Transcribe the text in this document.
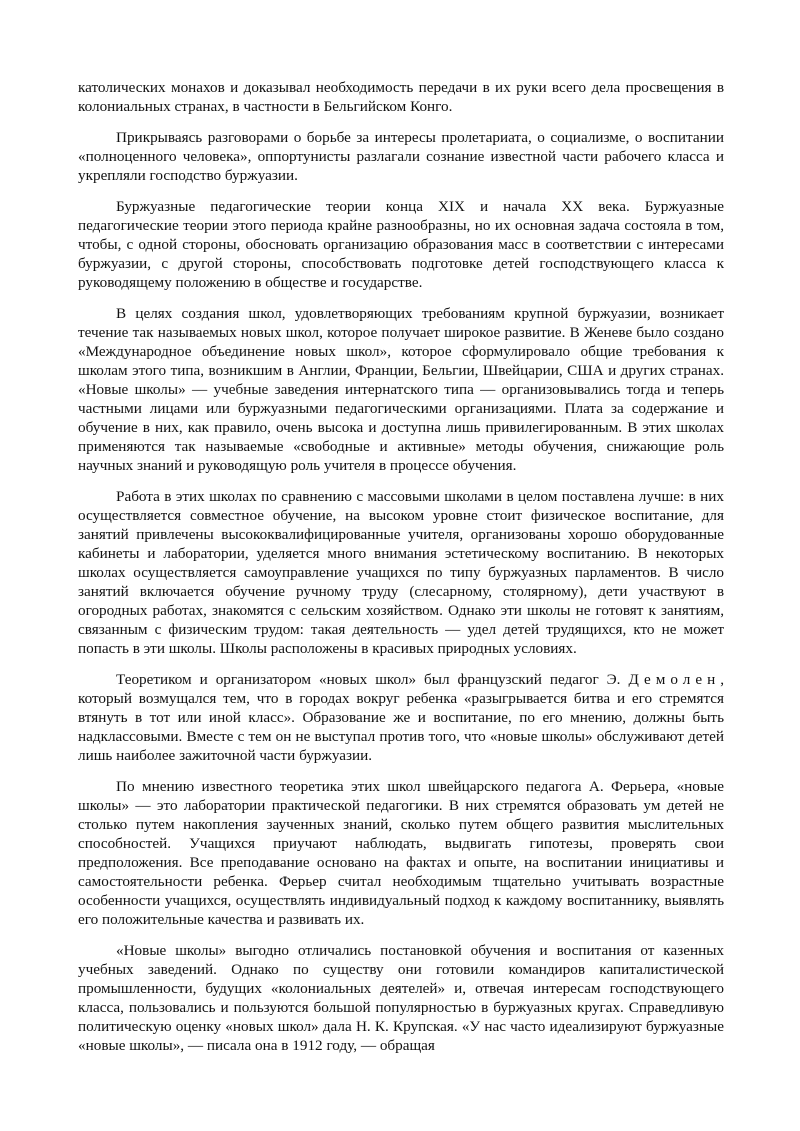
католических монахов и доказывал необходимость передачи в их руки всего дела просвещения в колониальных странах, в частности в Бельгийском Конго.

Прикрываясь разговорами о борьбе за интересы пролетариата, о социализме, о воспитании «полноценного человека», оппортунисты разлагали сознание известной части рабочего класса и укрепляли господство буржуазии.

Буржуазные педагогические теории конца XIX и начала XX века. Буржуазные педагогические теории этого периода крайне разнообразны, но их основная задача состояла в том, чтобы, с одной стороны, обосновать организацию образования масс в соответствии с интересами буржуазии, с другой стороны, способствовать подготовке детей господствующего класса к руководящему положению в обществе и государстве.

В целях создания школ, удовлетворяющих требованиям крупной буржуазии, возникает течение так называемых новых школ, которое получает широкое развитие. В Женеве было создано «Международное объединение новых школ», которое сформулировало общие требования к школам этого типа, возникшим в Англии, Франции, Бельгии, Швейцарии, США и других странах. «Новые школы» — учебные заведения интернатского типа — организовывались тогда и теперь частными лицами или буржуазными педагогическими организациями. Плата за содержание и обучение в них, как правило, очень высока и доступна лишь привилегированным. В этих школах применяются так называемые «свободные и активные» методы обучения, снижающие роль научных знаний и руководящую роль учителя в процессе обучения.

Работа в этих школах по сравнению с массовыми школами в целом поставлена лучше: в них осуществляется совместное обучение, на высоком уровне стоит физическое воспитание, для занятий привлечены высококвалифицированные учителя, организованы хорошо оборудованные кабинеты и лаборатории, уделяется много внимания эстетическому воспитанию. В некоторых школах осуществляется самоуправление учащихся по типу буржуазных парламентов. В число занятий включается обучение ручному труду (слесарному, столярному), дети участвуют в огородных работах, знакомятся с сельским хозяйством. Однако эти школы не готовят к занятиям, связанным с физическим трудом: такая деятельность — удел детей трудящихся, кто не может попасть в эти школы. Школы расположены в красивых природных условиях.

Теоретиком и организатором «новых школ» был французский педагог Э. Демолен, который возмущался тем, что в городах вокруг ребенка «разыгрывается битва и его стремятся втянуть в тот или иной класс». Образование же и воспитание, по его мнению, должны быть надклассовыми. Вместе с тем он не выступал против того, что «новые школы» обслуживают детей лишь наиболее зажиточной части буржуазии.

По мнению известного теоретика этих школ швейцарского педагога А. Ферьера, «новые школы» — это лаборатории практической педагогики. В них стремятся образовать ум детей не столько путем накопления заученных знаний, сколько путем общего развития мыслительных способностей. Учащихся приучают наблюдать, выдвигать гипотезы, проверять свои предположения. Все преподавание основано на фактах и опыте, на воспитании инициативы и самостоятельности ребенка. Ферьер считал необходимым тщательно учитывать возрастные особенности учащихся, осуществлять индивидуальный подход к каждому воспитаннику, выявлять его положительные качества и развивать их.

«Новые школы» выгодно отличались постановкой обучения и воспитания от казенных учебных заведений. Однако по существу они готовили командиров капиталистической промышленности, будущих «колониальных деятелей» и, отвечая интересам господствующего класса, пользовались и пользуются большой популярностью в буржуазных кругах. Справедливую политическую оценку «новых школ» дала Н. К. Крупская. «У нас часто идеализируют буржуазные «новые школы», — писала она в 1912 году, — обращая
